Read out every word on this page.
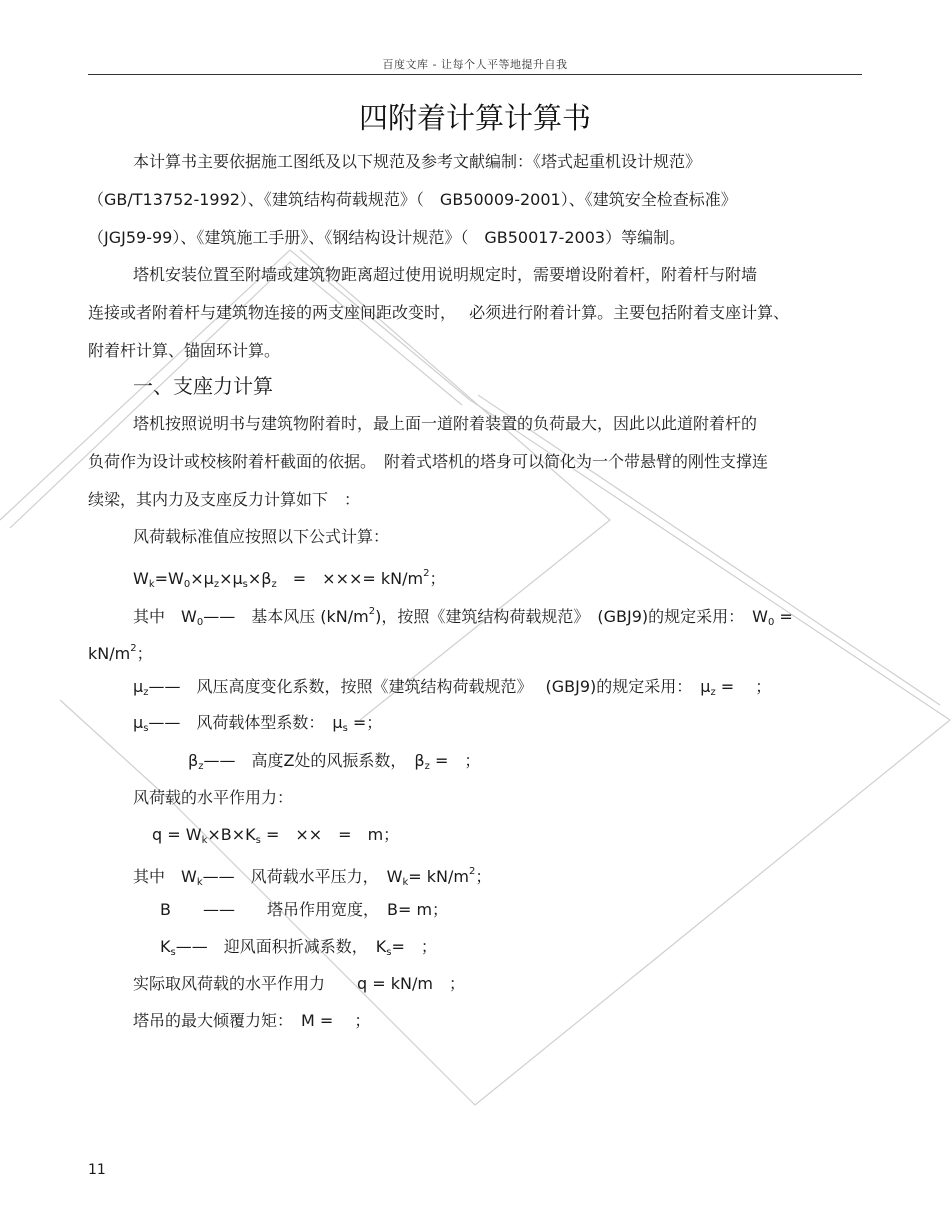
百度文库 - 让每个人平等地提升自我
四附着计算计算书
本计算书主要依据施工图纸及以下规范及参考文献编制：《塔式起重机设计规范》
（GB/T13752-1992）、《建筑结构荷载规范》（　GB50009-2001）、《建筑安全检查标准》
（JGJ59-99）、《建筑施工手册》、《钢结构设计规范》（　GB50017-2003）等编制。
塔机安装位置至附墙或建筑物距离超过使用说明规定时，需要增设附着杆，附着杆与附墙
连接或者附着杆与建筑物连接的两支座间距改变时，　 必须进行附着计算。主要包括附着支座计算、
附着杆计算、锚固环计算。
一、支座力计算
塔机按照说明书与建筑物附着时，最上面一道附着装置的负荷最大，因此以此道附着杆的
负荷作为设计或校核附着杆截面的依据。　附着式塔机的塔身可以简化为一个带悬臂的刚性支撑连
续梁，其内力及支座反力计算如下　：
风荷载标准值应按照以下公式计算：
$W_k=W_0\times\mu_z\times\mu_s\times\beta_z$　=　×××= $kN/m^2$；
其中　$W_0——$　基本风压 $(kN/m^2)$，按照《建筑结构荷载规范》　(GBJ9)的规定采用：　$W_0$ =
$kN/m^2$；
$\mu_z——$　风压高度变化系数，按照《建筑结构荷载规范》　 (GBJ9)的规定采用：　$\mu_z$ =　 ；
$\mu_s——$　风荷载体型系数：　$\mu_s$ =；
$\beta_z——$　高度Z处的风振系数，　$\beta_z$ =　；
风荷载的水平作用力：
$q = W_k\times B\times K_s$ =　××　=　m；
其中　$W_k——$　风荷载水平压力，　$W_k= kN/m^2$；
B　　——　　塔吊作用宽度，　B= m；
$K_s——$　迎风面积折减系数，　$K_s=$　；
实际取风荷载的水平作用力　　q = kN/m　；
塔吊的最大倾覆力矩：　M =　 ；
11
